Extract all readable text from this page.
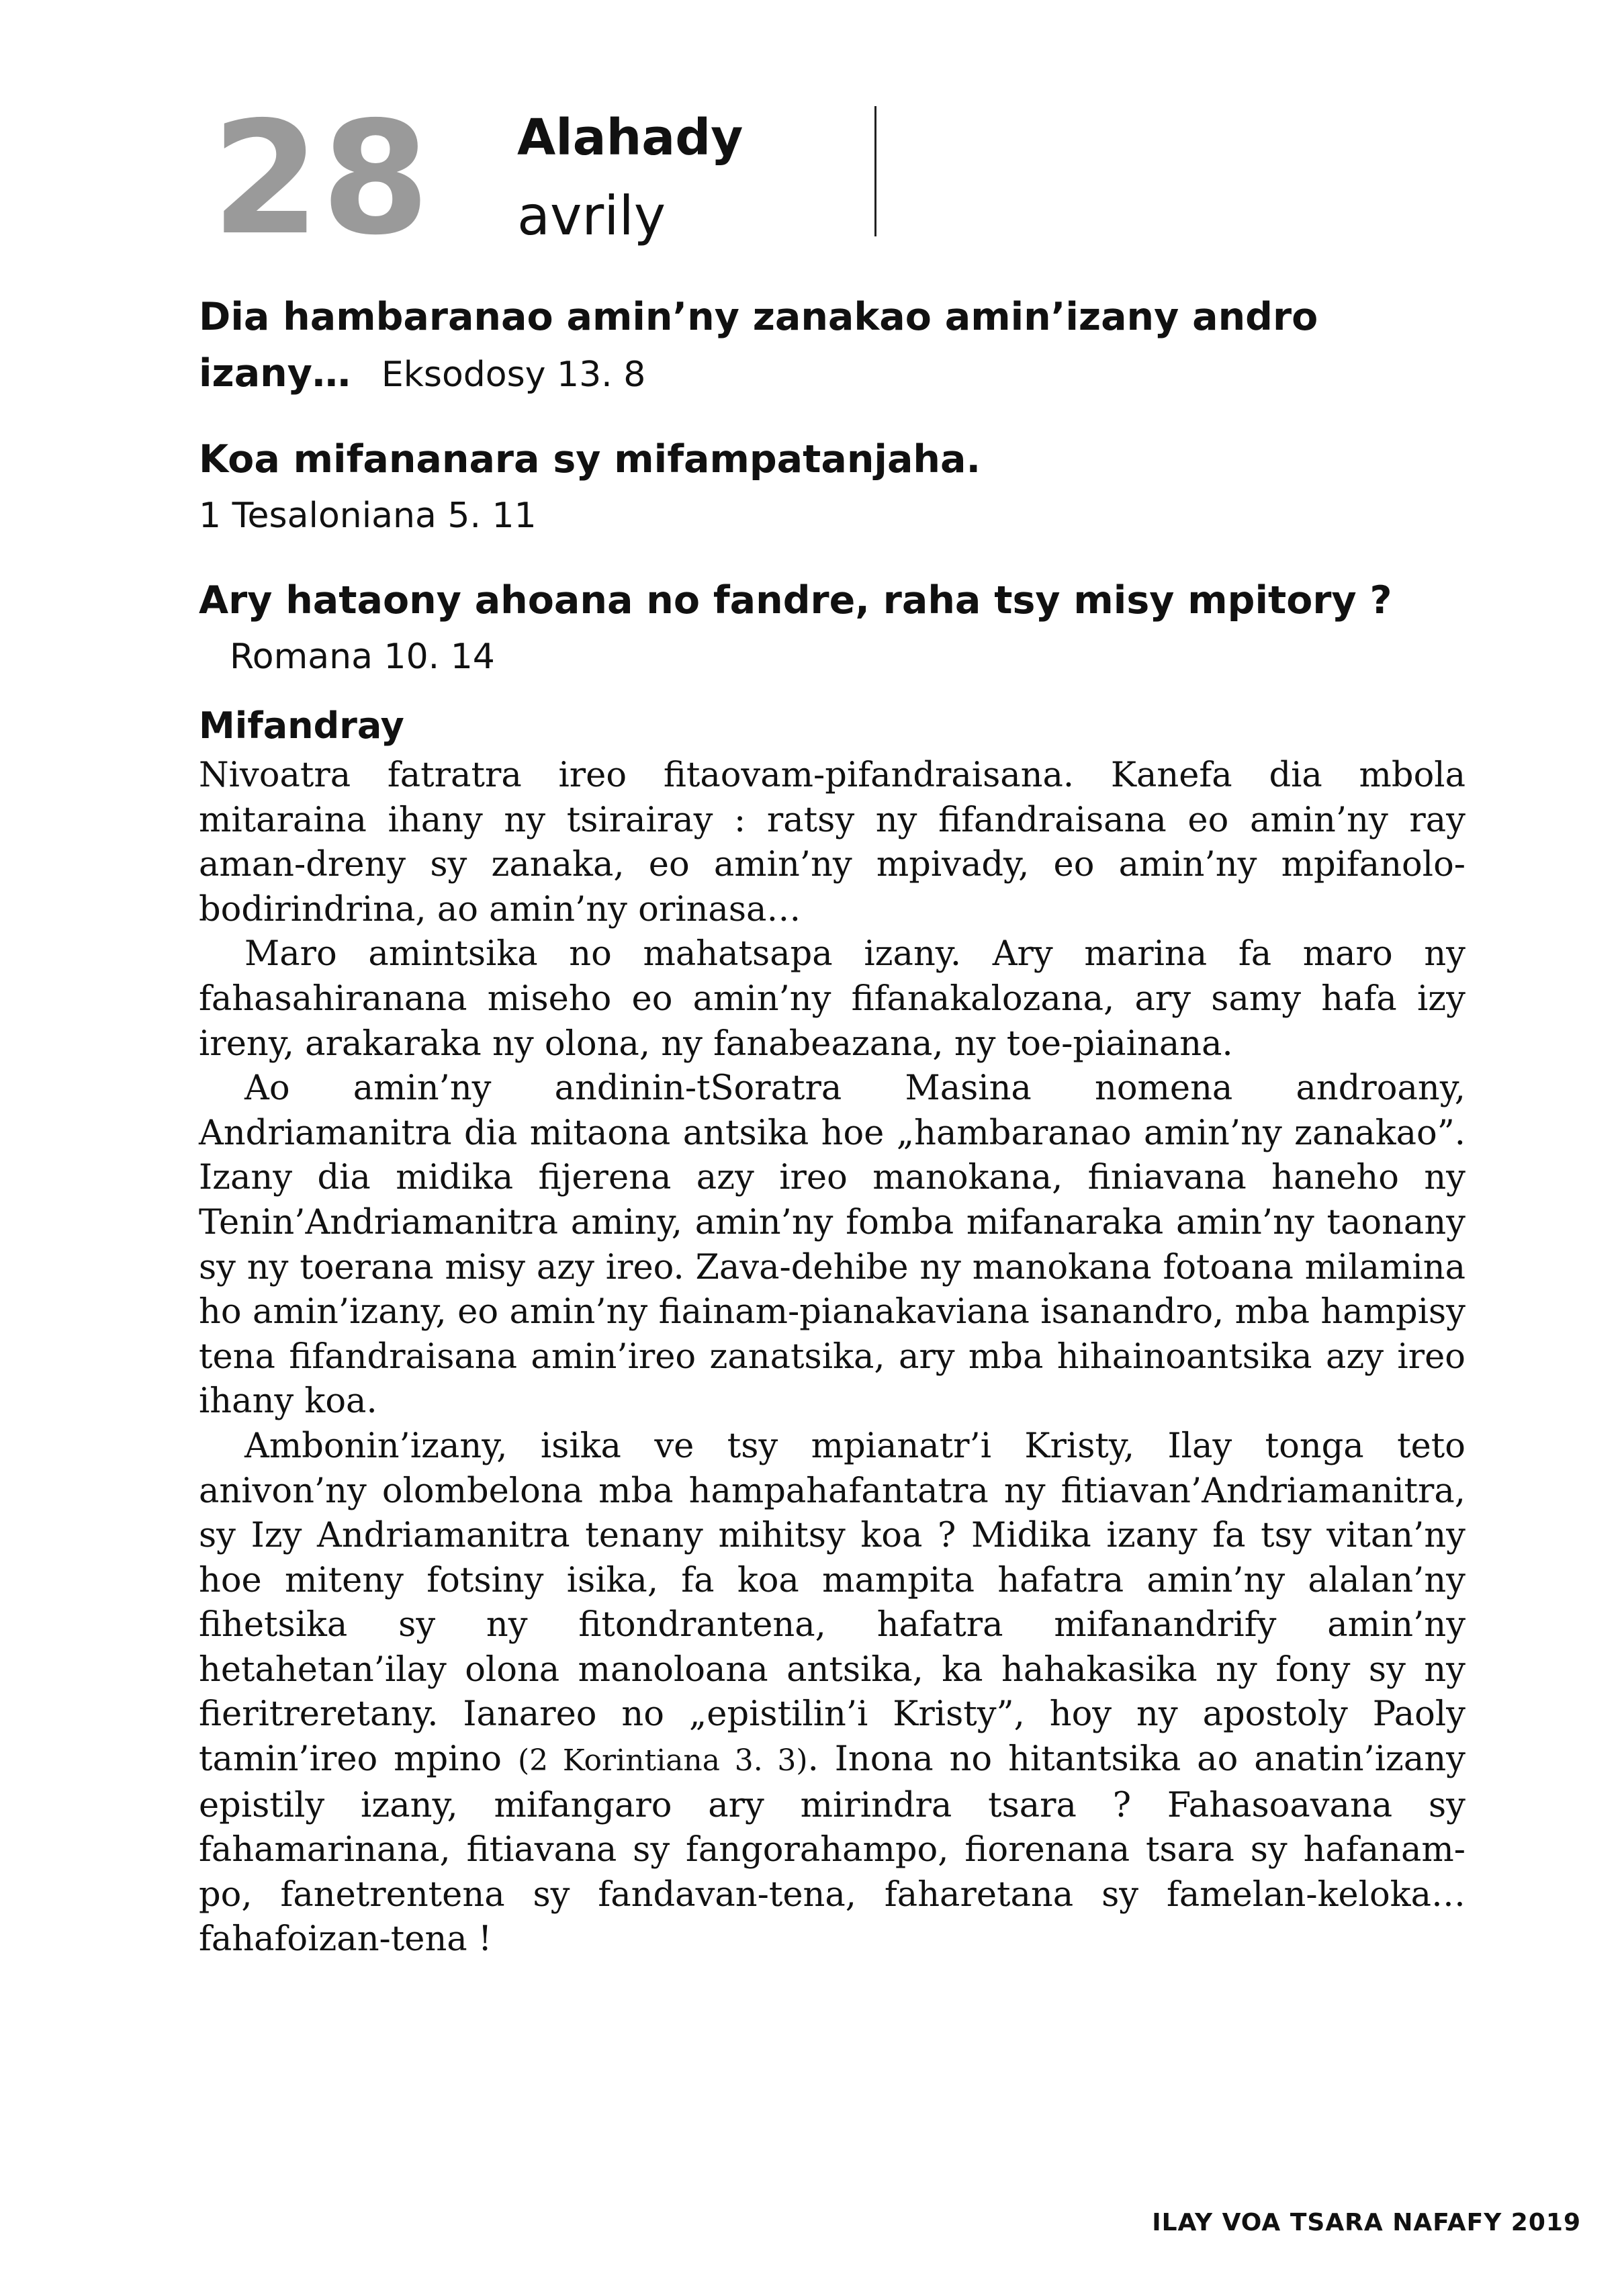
28 Alahady
avrily
Dia hambaranao amin’ny zanakao amin’izany andro izany… Eksodosy 13. 8
Koa mifananara sy mifampatanjaha.
1 Tesaloniana 5. 11
Ary hataony ahoana no fandre, raha tsy misy mpitory ?Romana 10. 14
Mifandray

Nivoatra fatratra ireo fitaovam-pifandraisana. Kanefa dia mbola mitaraina ihany ny tsirairay : ratsy ny fifandraisana eo amin’ny ray aman-dreny sy zanaka, eo amin’ny mpivady, eo amin’ny mpifanolo-bodirindrina, ao amin’ny orinasa…

Maro amintsika no mahatsapa izany. Ary marina fa maro ny fahasahiranana miseho eo amin’ny fifanakalozana, ary samy hafa izy ireny, arakaraka ny olona, ny fanabeazana, ny toe-piainana.

Ao amin’ny andinin-tSoratra Masina nomena androany, Andriamanitra dia mitaona antsika hoe „hambaranao amin’ny zanakao”. Izany dia midika fijerena azy ireo manokana, finiavana haneho ny Tenin’Andriamanitra aminy, amin’ny fomba mifanaraka amin’ny taonany sy ny toerana misy azy ireo. Zava-dehibe ny manokana fotoana milamina ho amin’izany, eo amin’ny fiainam-pianakaviana isanandro, mba hampisy tena fifandraisana amin’ireo zanatsika, ary mba hihainoantsika azy ireo ihany koa.

Ambonin’izany, isika ve tsy mpianatr’i Kristy, Ilay tonga teto anivon’ny olombelona mba hampahafantatra ny fitiavan’Andriamanitra, sy Izy Andriamanitra tenany mihitsy koa ? Midika izany fa tsy vitan’ny hoe miteny fotsiny isika, fa koa mampita hafatra amin’ny alalan’ny fihetsika sy ny fitondrantena, hafatra mifanandrify amin’ny hetahetan’ilay olona manoloana antsika, ka hahakasika ny fony sy ny fieritreretany. Ianareo no „epistilin’i Kristy”, hoy ny apostoly Paoly tamin’ireo mpino (2 Korintiana 3. 3). Inona no hitantsika ao anatin’izany epistily izany, mifangaro ary mirindra tsara ? Fahasoavana sy fahamarinana, fitiavana sy fangorahampo, fiorenana tsara sy hafanam-po, fanetrentena sy fandavan-tena, faharetana sy famelan-keloka… fahafoizan-tena !

ILAY VOA TSARA NAFAFY 2019
